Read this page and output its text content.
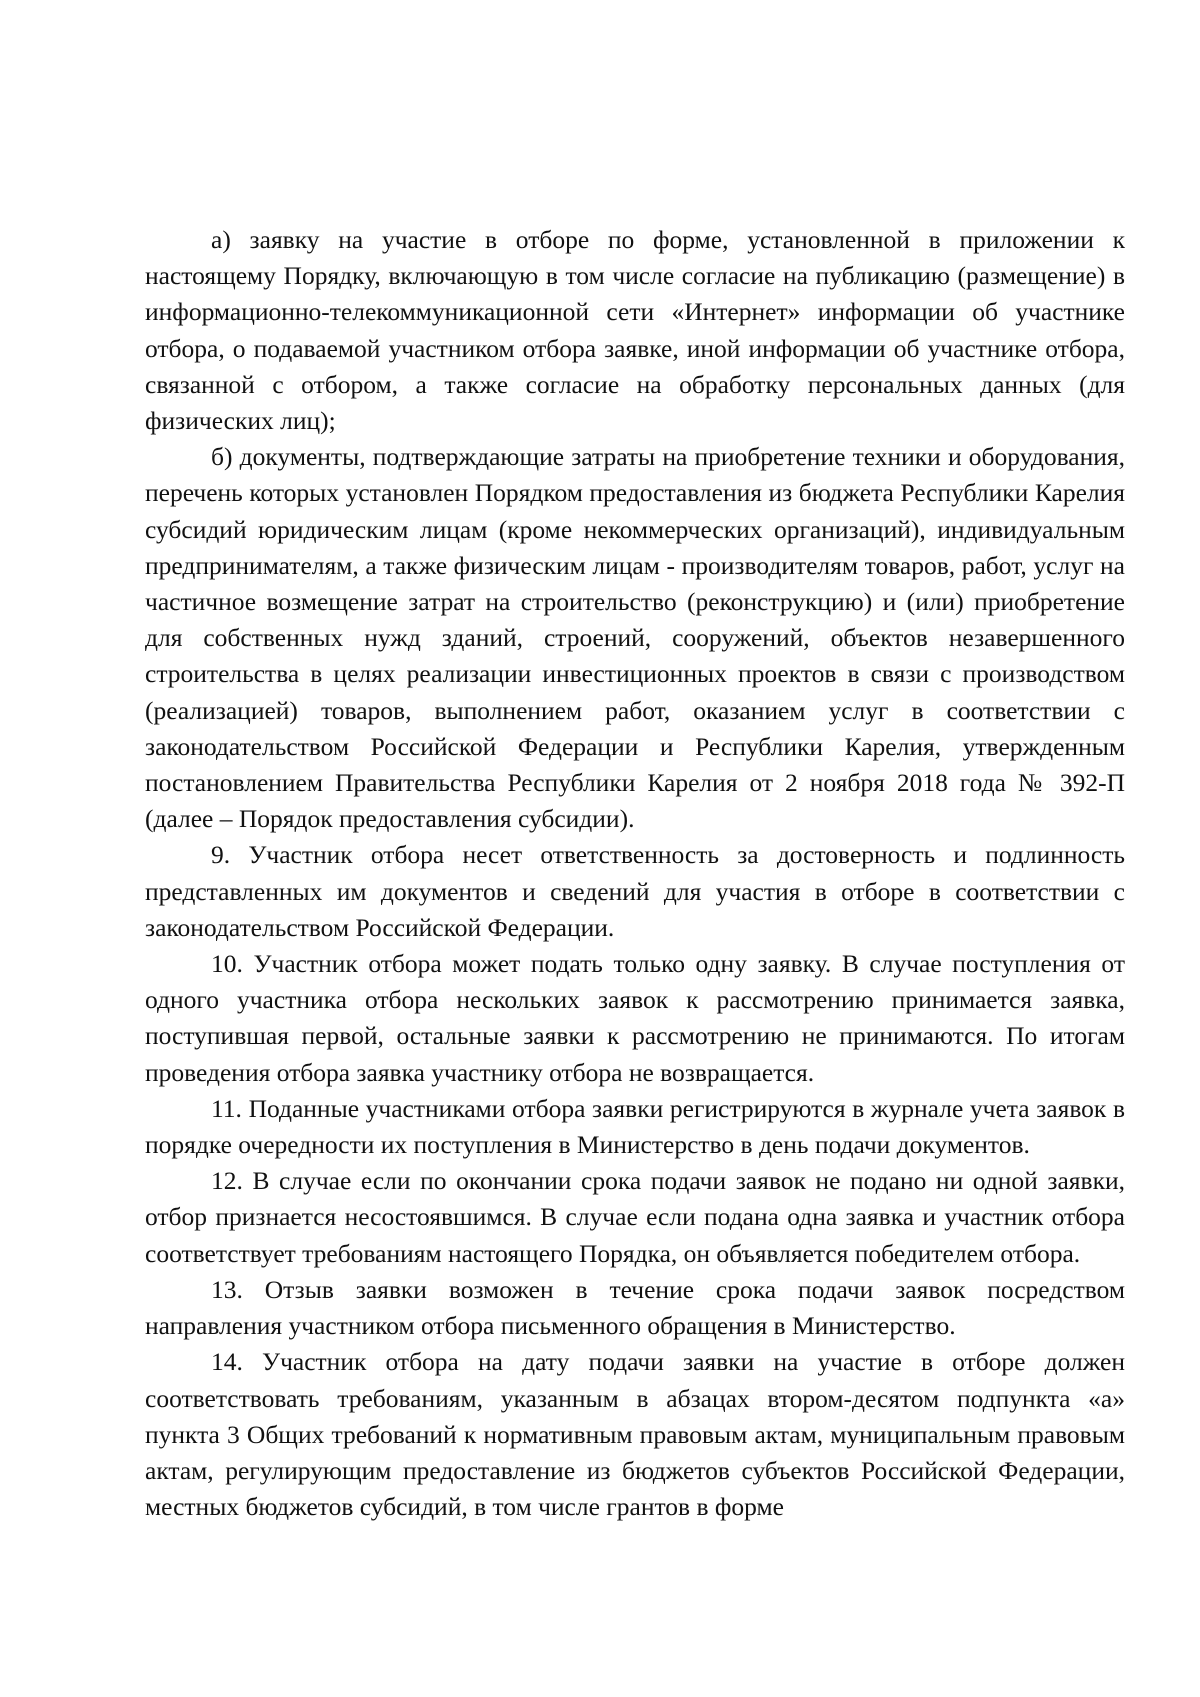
а) заявку на участие в отборе по форме, установленной в приложении к настоящему Порядку, включающую в том числе согласие на публикацию (размещение) в информационно-телекоммуникационной сети «Интернет» информации об участнике отбора, о подаваемой участником отбора заявке, иной информации об участнике отбора, связанной с отбором, а также согласие на обработку персональных данных (для физических лиц);

б) документы, подтверждающие затраты на приобретение техники и оборудования, перечень которых установлен Порядком предоставления из бюджета Республики Карелия субсидий юридическим лицам (кроме некоммерческих организаций), индивидуальным предпринимателям, а также физическим лицам - производителям товаров, работ, услуг на частичное возмещение затрат на строительство (реконструкцию) и (или) приобретение для собственных нужд зданий, строений, сооружений, объектов незавершенного строительства в целях реализации инвестиционных проектов в связи с производством (реализацией) товаров, выполнением работ, оказанием услуг в соответствии с законодательством Российской Федерации и Республики Карелия, утвержденным постановлением Правительства Республики Карелия от 2 ноября 2018 года № 392-П (далее – Порядок предоставления субсидии).

9. Участник отбора несет ответственность за достоверность и подлинность представленных им документов и сведений для участия в отборе в соответствии с законодательством Российской Федерации.

10. Участник отбора может подать только одну заявку. В случае поступления от одного участника отбора нескольких заявок к рассмотрению принимается заявка, поступившая первой, остальные заявки к рассмотрению не принимаются. По итогам проведения отбора заявка участнику отбора не возвращается.

11. Поданные участниками отбора заявки регистрируются в журнале учета заявок в порядке очередности их поступления в Министерство в день подачи документов.

12. В случае если по окончании срока подачи заявок не подано ни одной заявки, отбор признается несостоявшимся. В случае если подана одна заявка и участник отбора соответствует требованиям настоящего Порядка, он объявляется победителем отбора.

13. Отзыв заявки возможен в течение срока подачи заявок посредством направления участником отбора письменного обращения в Министерство.

14. Участник отбора на дату подачи заявки на участие в отборе должен соответствовать требованиям, указанным в абзацах втором-десятом подпункта «а» пункта 3 Общих требований к нормативным правовым актам, муниципальным правовым актам, регулирующим предоставление из бюджетов субъектов Российской Федерации, местных бюджетов субсидий, в том числе грантов в форме
